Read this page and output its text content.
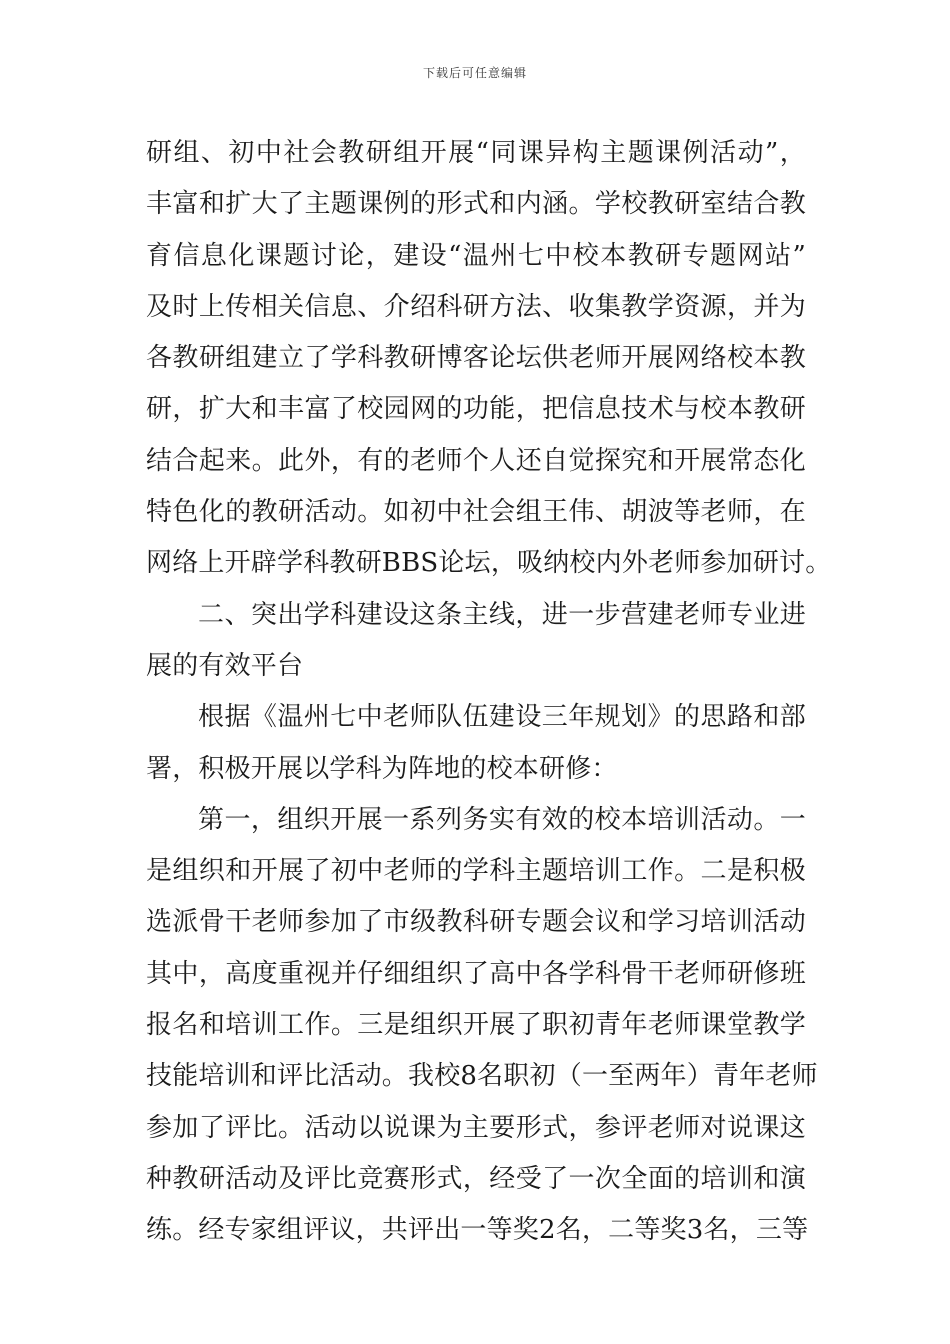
下载后可任意编辑
研组、初中社会教研组开展“同课异构主题课例活动”，
丰富和扩大了主题课例的形式和内涵。学校教研室结合教
育信息化课题讨论，建设“温州七中校本教研专题网站”
及时上传相关信息、介绍科研方法、收集教学资源，并为
各教研组建立了学科教研博客论坛供老师开展网络校本教
研，扩大和丰富了校园网的功能，把信息技术与校本教研
结合起来。此外，有的老师个人还自觉探究和开展常态化
特色化的教研活动。如初中社会组王伟、胡波等老师，在
网络上开辟学科教研BBS论坛，吸纳校内外老师参加研讨。
二、突出学科建设这条主线，进一步营建老师专业进
展的有效平台
根据《温州七中老师队伍建设三年规划》的思路和部
署，积极开展以学科为阵地的校本研修：
第一，组织开展一系列务实有效的校本培训活动。一
是组织和开展了初中老师的学科主题培训工作。二是积极
选派骨干老师参加了市级教科研专题会议和学习培训活动
其中，高度重视并仔细组织了高中各学科骨干老师研修班
报名和培训工作。三是组织开展了职初青年老师课堂教学
技能培训和评比活动。我校8名职初（一至两年）青年老师
参加了评比。活动以说课为主要形式，参评老师对说课这
种教研活动及评比竞赛形式，经受了一次全面的培训和演
练。经专家组评议，共评出一等奖2名，二等奖3名，三等
